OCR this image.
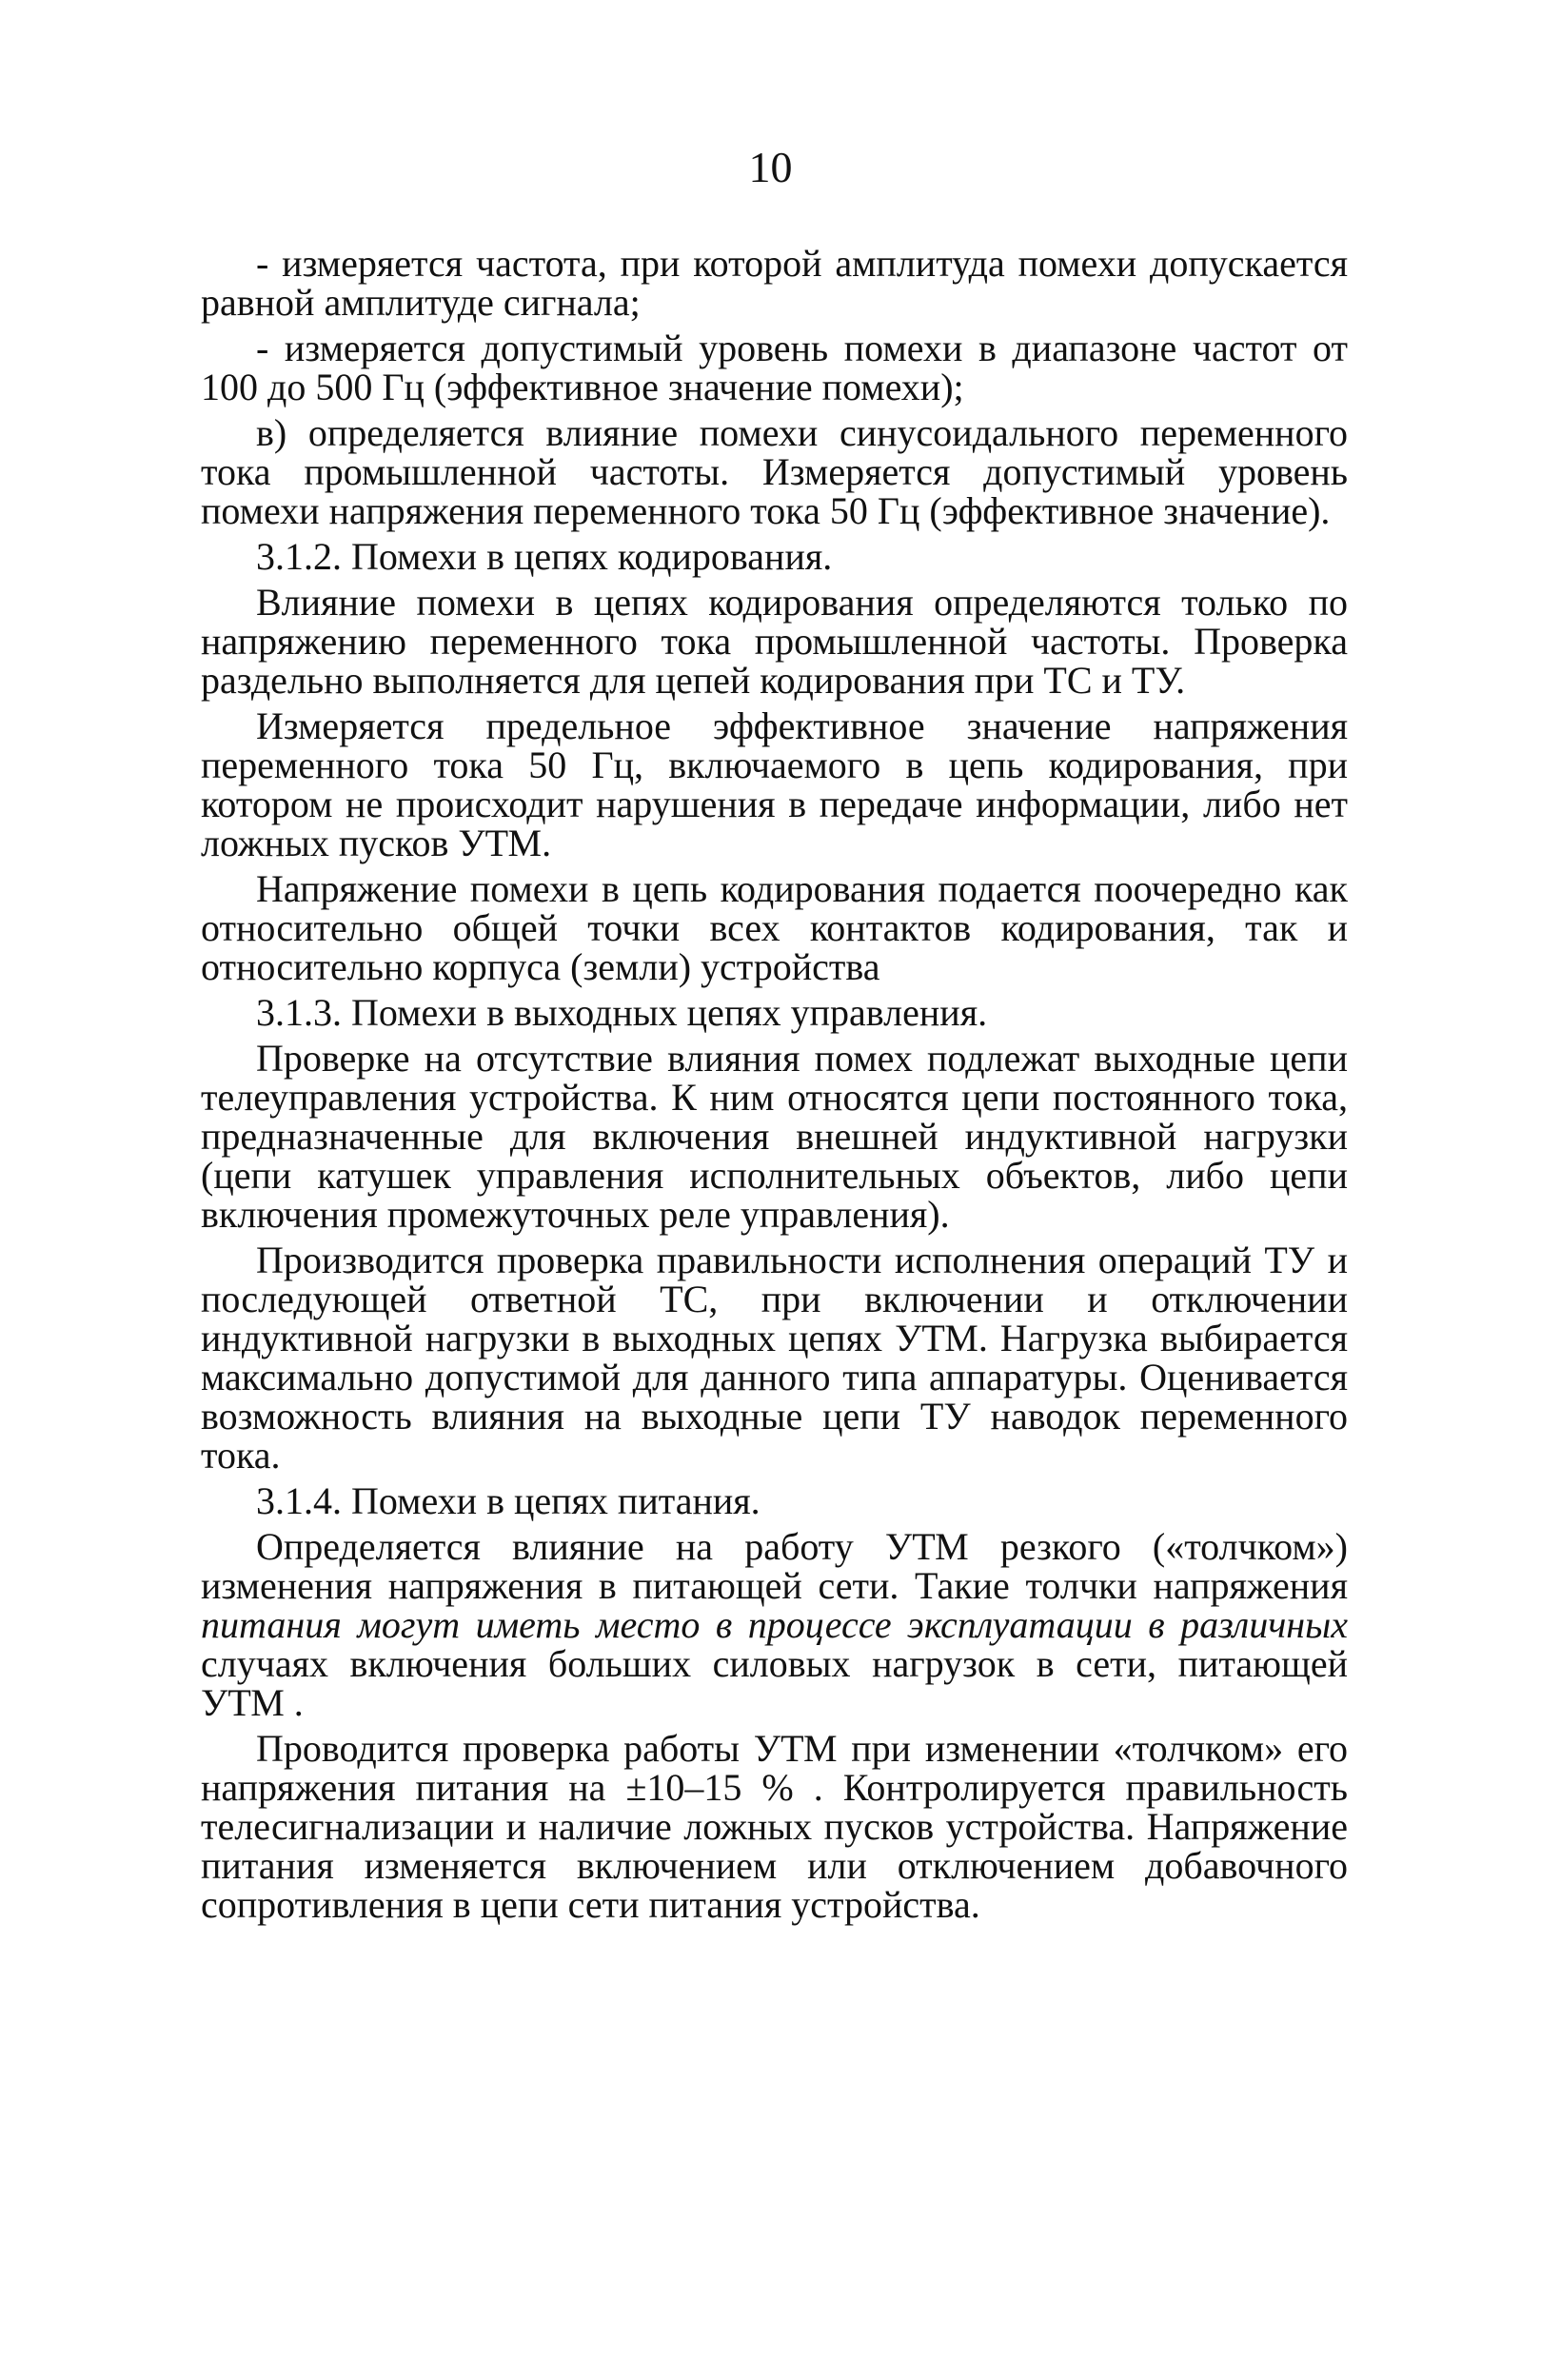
10

- измеряется частота, при которой амплитуда помехи допускается равной амплитуде сигнала;

- измеряется допустимый уровень помехи в диапазоне частот от 100 до 500 Гц (эффективное значение помехи);

в) определяется влияние помехи синусоидального переменного тока промышленной частоты. Измеряется допустимый уровень помехи напряжения переменного тока 50 Гц (эффективное значение).

3.1.2. Помехи в цепях кодирования.

Влияние помехи в цепях кодирования определяются только по напряжению переменного тока промышленной частоты. Проверка раздельно выполняется для цепей кодирования при ТС и ТУ.

Измеряется предельное эффективное значение напряжения переменного тока 50 Гц, включаемого в цепь кодирования, при котором не происходит нарушения в передаче информации, либо нет ложных пусков УТМ.

Напряжение помехи в цепь кодирования подается поочередно как относительно общей точки всех контактов кодирования, так и относительно корпуса (земли) устройства

3.1.3. Помехи в выходных цепях управления.

Проверке на отсутствие влияния помех подлежат выходные цепи телеуправления устройства. К ним относятся цепи постоянного тока, предназначенные для включения внешней индуктивной нагрузки (цепи катушек управления исполнительных объектов, либо цепи включения промежуточных реле управления).

Производится проверка правильности исполнения операций ТУ и последующей ответной ТС, при включении и отключении индуктивной нагрузки в выходных цепях УТМ. Нагрузка выбирается максимально допустимой для данного типа аппаратуры. Оценивается возможность влияния на выходные цепи ТУ наводок переменного тока.

3.1.4. Помехи в цепях питания.

Определяется влияние на работу УТМ резкого («толчком») изменения напряжения в питающей сети. Такие толчки напряжения питания могут иметь место в процессе эксплуатации в различных случаях включения больших силовых нагрузок в сети, питающей УТМ .

Проводится проверка работы УТМ при изменении «толчком» его напряжения питания на ±10–15 % . Контролируется правильность телесигнализации и наличие ложных пусков устройства. Напряжение питания изменяется включением или отключением добавочного сопротивления в цепи сети питания устройства.
